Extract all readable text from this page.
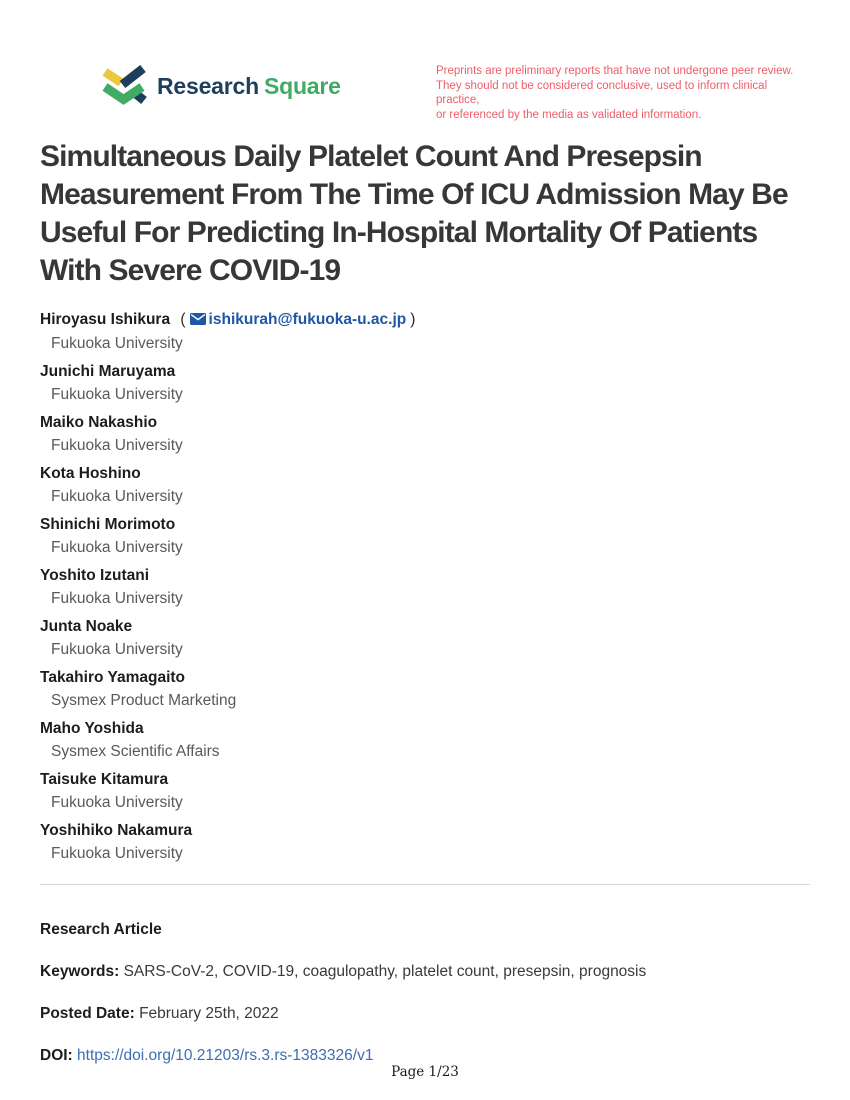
Research Square
Preprints are preliminary reports that have not undergone peer review.
They should not be considered conclusive, used to inform clinical practice,
or referenced by the media as validated information.
Simultaneous Daily Platelet Count And Presepsin Measurement From The Time Of ICU Admission May Be Useful For Predicting In-Hospital Mortality Of Patients With Severe COVID-19
Hiroyasu Ishikura ( ishikurah@fukuoka-u.ac.jp )
Fukuoka University
Junichi Maruyama
Fukuoka University
Maiko Nakashio
Fukuoka University
Kota Hoshino
Fukuoka University
Shinichi Morimoto
Fukuoka University
Yoshito Izutani
Fukuoka University
Junta Noake
Fukuoka University
Takahiro Yamagaito
Sysmex Product Marketing
Maho Yoshida
Sysmex Scientific Affairs
Taisuke Kitamura
Fukuoka University
Yoshihiko Nakamura
Fukuoka University
Research Article
Keywords: SARS-CoV-2, COVID-19, coagulopathy, platelet count, presepsin, prognosis
Posted Date: February 25th, 2022
DOI: https://doi.org/10.21203/rs.3.rs-1383326/v1
Page 1/23
